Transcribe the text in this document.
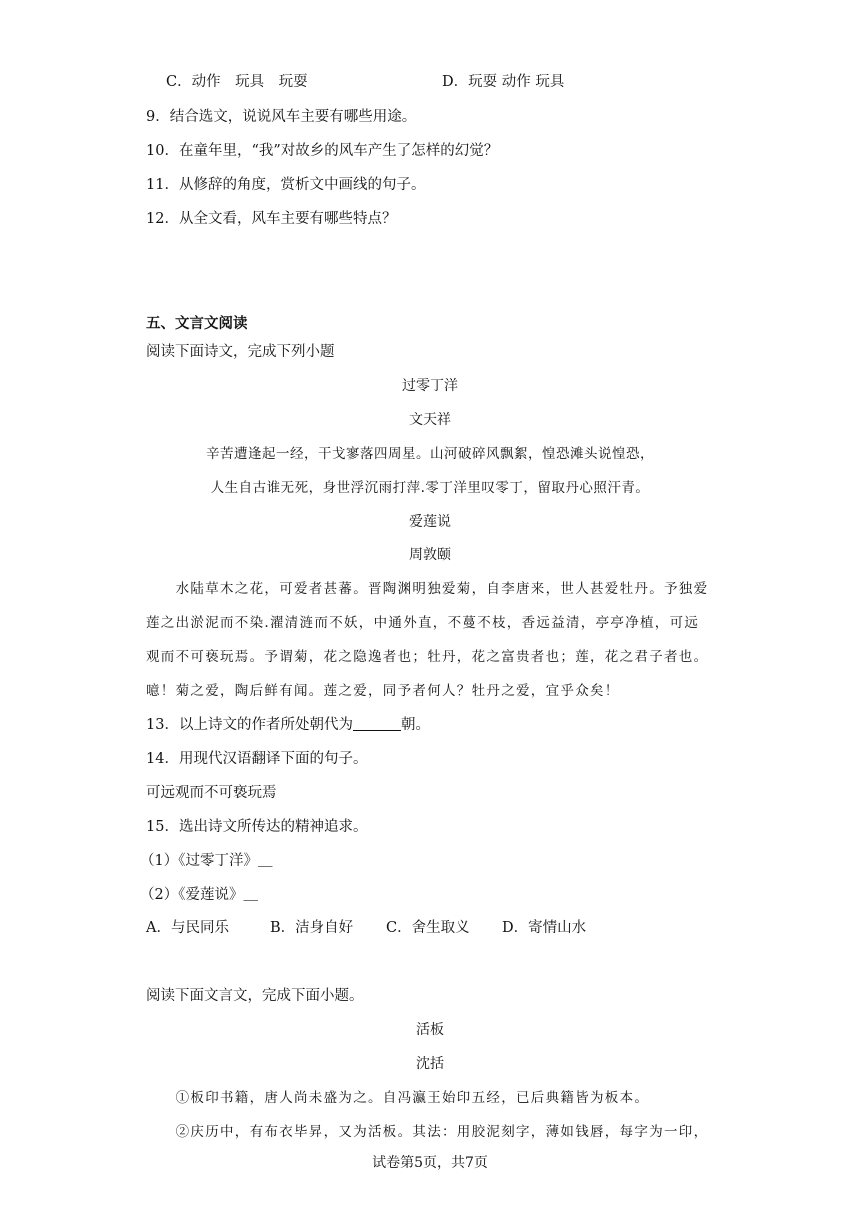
C．动作　玩具　玩耍	D．玩耍 动作 玩具
9．结合选文，说说风车主要有哪些用途。
10．在童年里，“我”对故乡的风车产生了怎样的幻觉？
11．从修辞的角度，赏析文中画线的句子。
12．从全文看，风车主要有哪些特点？
五、文言文阅读
阅读下面诗文，完成下列小题
过零丁洋
文天祥
辛苦遭逢起一经，干戈寥落四周星。山河破碎风飘絮，惶恐滩头说惶恐，
人生自古谁无死，身世浮沉雨打萍.零丁洋里叹零丁，留取丹心照汗青。
爱莲说
周敦颐
　　水陆草木之花，可爱者甚蕃。晋陶渊明独爱菊，自李唐来，世人甚爱牡丹。予独爱
莲之出淤泥而不染.濯清涟而不妖，中通外直，不蔓不枝，香远益清，亭亭净植，可远
观而不可亵玩焉。予谓菊，花之隐逸者也；牡丹，花之富贵者也；莲，花之君子者也。
噫！菊之爱，陶后鲜有闻。莲之爱，同予者何人？牡丹之爱，宜乎众矣！
13．以上诗文的作者所处朝代为	朝。
14．用现代汉语翻译下面的句子。
可远观而不可亵玩焉
15．选出诗文所传达的精神追求。
（1）《过零丁洋》＿
（2）《爱莲说》＿
A．与民同乐	B．洁身自好 C．舍生取义 D．寄情山水
阅读下面文言文，完成下面小题。
活板
沈括
　　①板印书籍，唐人尚未盛为之。自冯瀛王始印五经，已后典籍皆为板本。
　　②庆历中，有布衣毕昇，又为活板。其法：用胶泥刻字，薄如钱唇，每字为一印，
试卷第5页，共7页
